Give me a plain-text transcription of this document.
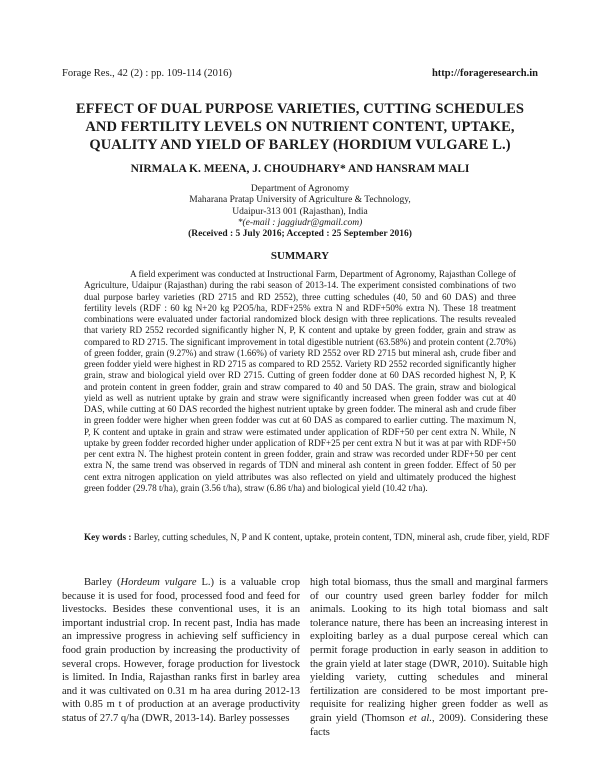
Forage Res., 42 (2) : pp. 109-114 (2016)	http://forageresearch.in
EFFECT OF DUAL PURPOSE VARIETIES, CUTTING SCHEDULES AND FERTILITY LEVELS ON NUTRIENT CONTENT, UPTAKE, QUALITY AND YIELD OF BARLEY (HORDIUM VULGARE L.)
NIRMALA K. MEENA, J. CHOUDHARY* AND HANSRAM MALI
Department of Agronomy
Maharana Pratap University of Agriculture & Technology,
Udaipur-313 001 (Rajasthan), India
*(e-mail : jaggiudr@gmail.com)
(Received : 5 July 2016; Accepted : 25 September 2016)
SUMMARY
A field experiment was conducted at Instructional Farm, Department of Agronomy, Rajasthan College of Agriculture, Udaipur (Rajasthan) during the rabi season of 2013-14. The experiment consisted combinations of two dual purpose barley varieties (RD 2715 and RD 2552), three cutting schedules (40, 50 and 60 DAS) and three fertility levels (RDF : 60 kg N+20 kg P2O5/ha, RDF+25% extra N and RDF+50% extra N). These 18 treatment combinations were evaluated under factorial randomized block design with three replications. The results revealed that variety RD 2552 recorded significantly higher N, P, K content and uptake by green fodder, grain and straw as compared to RD 2715. The significant improvement in total digestible nutrient (63.58%) and protein content (2.70%) of green fodder, grain (9.27%) and straw (1.66%) of variety RD 2552 over RD 2715 but mineral ash, crude fiber and green fodder yield were highest in RD 2715 as compared to RD 2552. Variety RD 2552 recorded significantly higher grain, straw and biological yield over RD 2715. Cutting of green fodder done at 60 DAS recorded highest N, P, K and protein content in green fodder, grain and straw compared to 40 and 50 DAS. The grain, straw and biological yield as well as nutrient uptake by grain and straw were significantly increased when green fodder was cut at 40 DAS, while cutting at 60 DAS recorded the highest nutrient uptake by green fodder. The mineral ash and crude fiber in green fodder were higher when green fodder was cut at 60 DAS as compared to earlier cutting. The maximum N, P, K content and uptake in grain and straw were estimated under application of RDF+50 per cent extra N. While, N uptake by green fodder recorded higher under application of RDF+25 per cent extra N but it was at par with RDF+50 per cent extra N. The highest protein content in green fodder, grain and straw was recorded under RDF+50 per cent extra N, the same trend was observed in regards of TDN and mineral ash content in green fodder. Effect of 50 per cent extra nitrogen application on yield attributes was also reflected on yield and ultimately produced the highest green fodder (29.78 t/ha), grain (3.56 t/ha), straw (6.86 t/ha) and biological yield (10.42 t/ha).
Key words : Barley, cutting schedules, N, P and K content, uptake, protein content, TDN, mineral ash, crude fiber, yield, RDF
Barley (Hordeum vulgare L.) is a valuable crop because it is used for food, processed food and feed for livestocks. Besides these conventional uses, it is an important industrial crop. In recent past, India has made an impressive progress in achieving self sufficiency in food grain production by increasing the productivity of several crops. However, forage production for livestock is limited. In India, Rajasthan ranks first in barley area and it was cultivated on 0.31 m ha area during 2012-13 with 0.85 m t of production at an average productivity status of 27.7 q/ha (DWR, 2013-14). Barley possesses
high total biomass, thus the small and marginal farmers of our country used green barley fodder for milch animals. Looking to its high total biomass and salt tolerance nature, there has been an increasing interest in exploiting barley as a dual purpose cereal which can permit forage production in early season in addition to the grain yield at later stage (DWR, 2010). Suitable high yielding variety, cutting schedules and mineral fertilization are considered to be most important pre-requisite for realizing higher green fodder as well as grain yield (Thomson et al., 2009). Considering these facts
